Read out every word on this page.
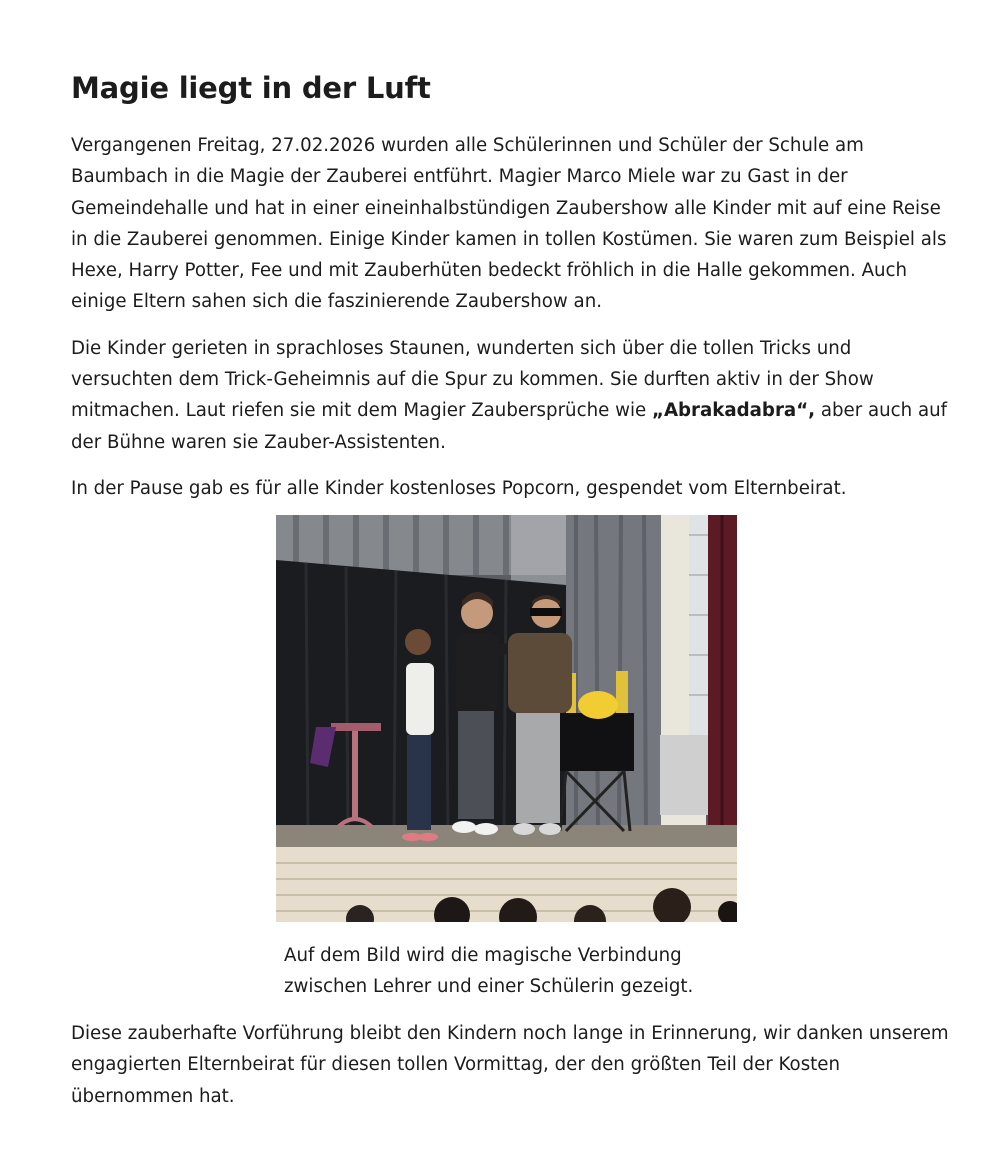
Magie liegt in der Luft

Vergangenen Freitag, 27.02.2026 wurden alle Schülerinnen und Schüler der Schule am Baumbach in die Magie der Zauberei entführt. Magier Marco Miele war zu Gast in der Gemeindehalle und hat in einer eineinhalbstündigen Zaubershow alle Kinder mit auf eine Reise in die Zauberei genommen. Einige Kinder kamen in tollen Kostümen. Sie waren zum Beispiel als Hexe, Harry Potter, Fee und mit Zauberhüten bedeckt fröhlich in die Halle gekommen. Auch einige Eltern sahen sich die faszinierende Zaubershow an.

Die Kinder gerieten in sprachloses Staunen, wunderten sich über die tollen Tricks und versuchten dem Trick-Geheimnis auf die Spur zu kommen. Sie durften aktiv in der Show mitmachen. Laut riefen sie mit dem Magier Zaubersprüche wie „Abrakadabra“, aber auch auf der Bühne waren sie Zauber-Assistenten.

In der Pause gab es für alle Kinder kostenloses Popcorn, gespendet vom Elternbeirat.

Auf dem Bild wird die magische Verbindung
zwischen Lehrer und einer Schülerin gezeigt.

Diese zauberhafte Vorführung bleibt den Kindern noch lange in Erinnerung, wir danken unserem engagierten Elternbeirat für diesen tollen Vormittag, der den größten Teil der Kosten übernommen hat.
